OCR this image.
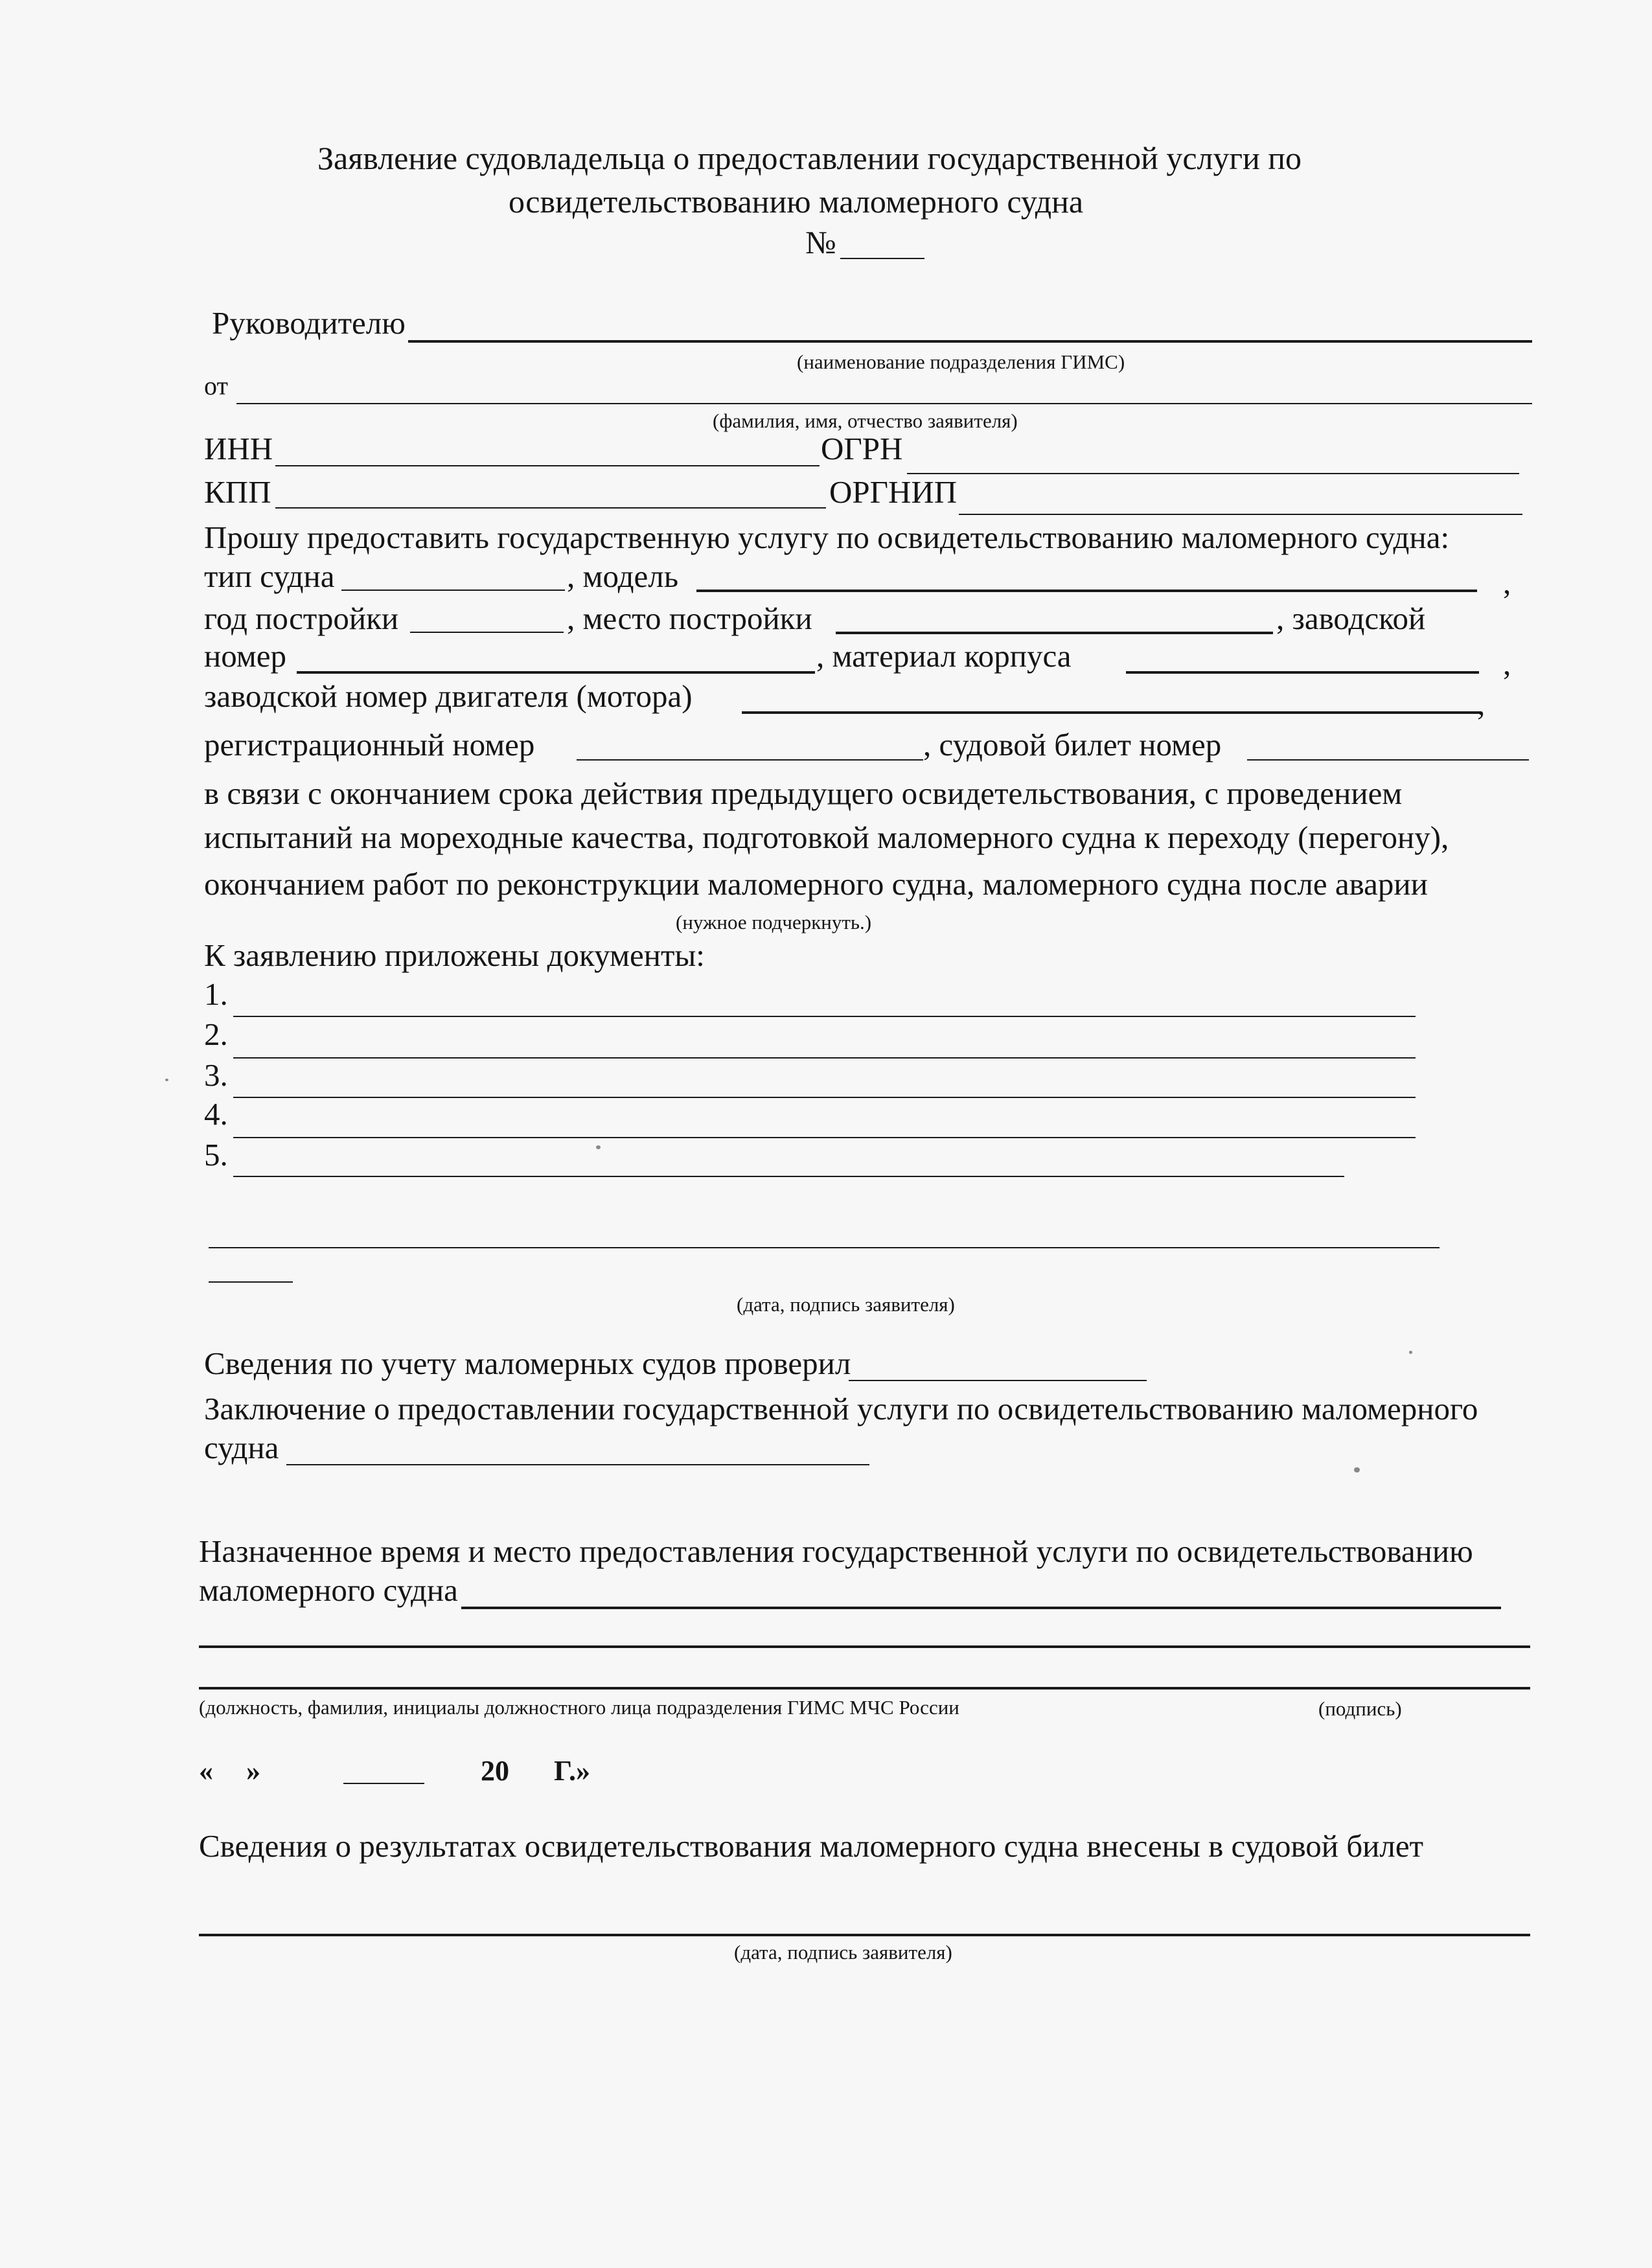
Заявление судовладельца о предоставлении государственной услуги по
освидетельствованию маломерного судна
№
Руководителю
(наименование подразделения ГИМС)
от
(фамилия, имя, отчество заявителя)
ИНН	ОГРН
КПП	ОРГНИП
Прошу предоставить государственную услугу по освидетельствованию маломерного судна:
тип судна	, модель	,
год постройки	, место постройки	, заводской
номер	, материал корпуса	,
заводской номер двигателя (мотора)	,
регистрационный номер	, судовой билет номер
в связи с окончанием срока действия предыдущего освидетельствования, с проведением
испытаний на мореходные качества, подготовкой маломерного судна к переходу (перегону),
окончанием работ по реконструкции маломерного судна, маломерного судна после аварии
(нужное подчеркнуть.)
К заявлению приложены документы:
1.
2.
3.
4.
5.
(дата, подпись заявителя)
Сведения по учету маломерных судов проверил
Заключение о предоставлении государственной услуги по освидетельствованию маломерного
судна
Назначенное время и место предоставления государственной услуги по освидетельствованию
маломерного судна
(должность, фамилия, инициалы должностного лица подразделения ГИМС МЧС России	(подпись)
« »	20 Г.»
Сведения о результатах освидетельствования маломерного судна внесены в судовой билет
(дата, подпись заявителя)
